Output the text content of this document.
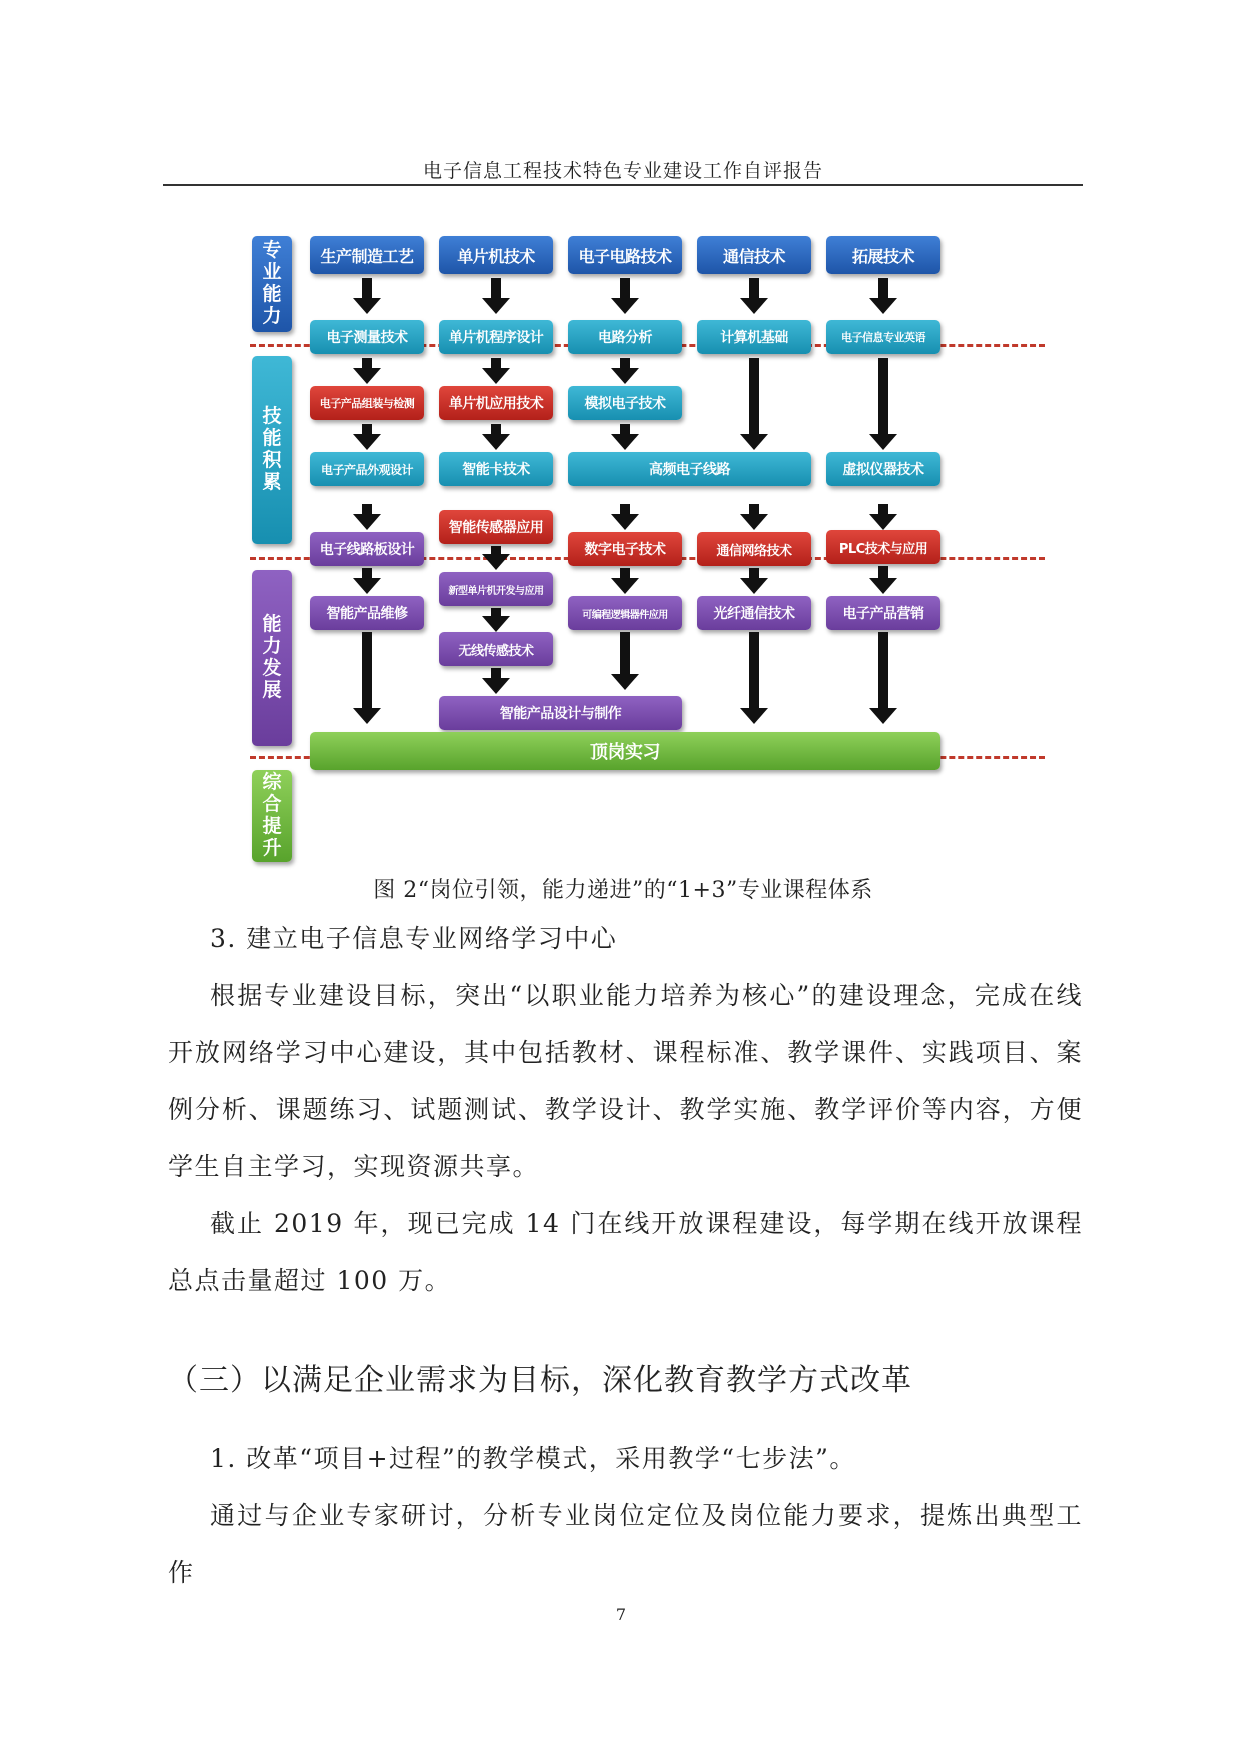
电子信息工程技术特色专业建设工作自评报告
专业能力
技能积累
能力发展
综合提升
生产制造工艺	单片机技术	电子电路技术	通信技术	拓展技术
电子测量技术	单片机程序设计	电路分析	计算机基础	电子信息专业英语
电子产品组装与检测	单片机应用技术	模拟电子技术
电子产品外观设计	智能卡技术	高频电子线路	虚拟仪器技术
电子线路板设计
智能传感器应用
数字电子技术	通信网络技术	PLC技术与应用
新型单片机开发与应用
智能产品维修	可编程逻辑器件应用	光纤通信技术	电子产品营销
无线传感技术
智能产品设计与制作
顶岗实习
图 2“岗位引领，能力递进”的“1+3”专业课程体系
3. 建立电子信息专业网络学习中心
根据专业建设目标，突出“以职业能力培养为核心”的建设理念，完成在线开放网络学习中心建设，其中包括教材、课程标准、教学课件、实践项目、案例分析、课题练习、试题测试、教学设计、教学实施、教学评价等内容，方便学生自主学习，实现资源共享。
截止 2019 年，现已完成 14 门在线开放课程建设，每学期在线开放课程总点击量超过 100 万。
（三）以满足企业需求为目标，深化教育教学方式改革
1. 改革“项目+过程”的教学模式，采用教学“七步法”。
通过与企业专家研讨，分析专业岗位定位及岗位能力要求，提炼出典型工作
7
